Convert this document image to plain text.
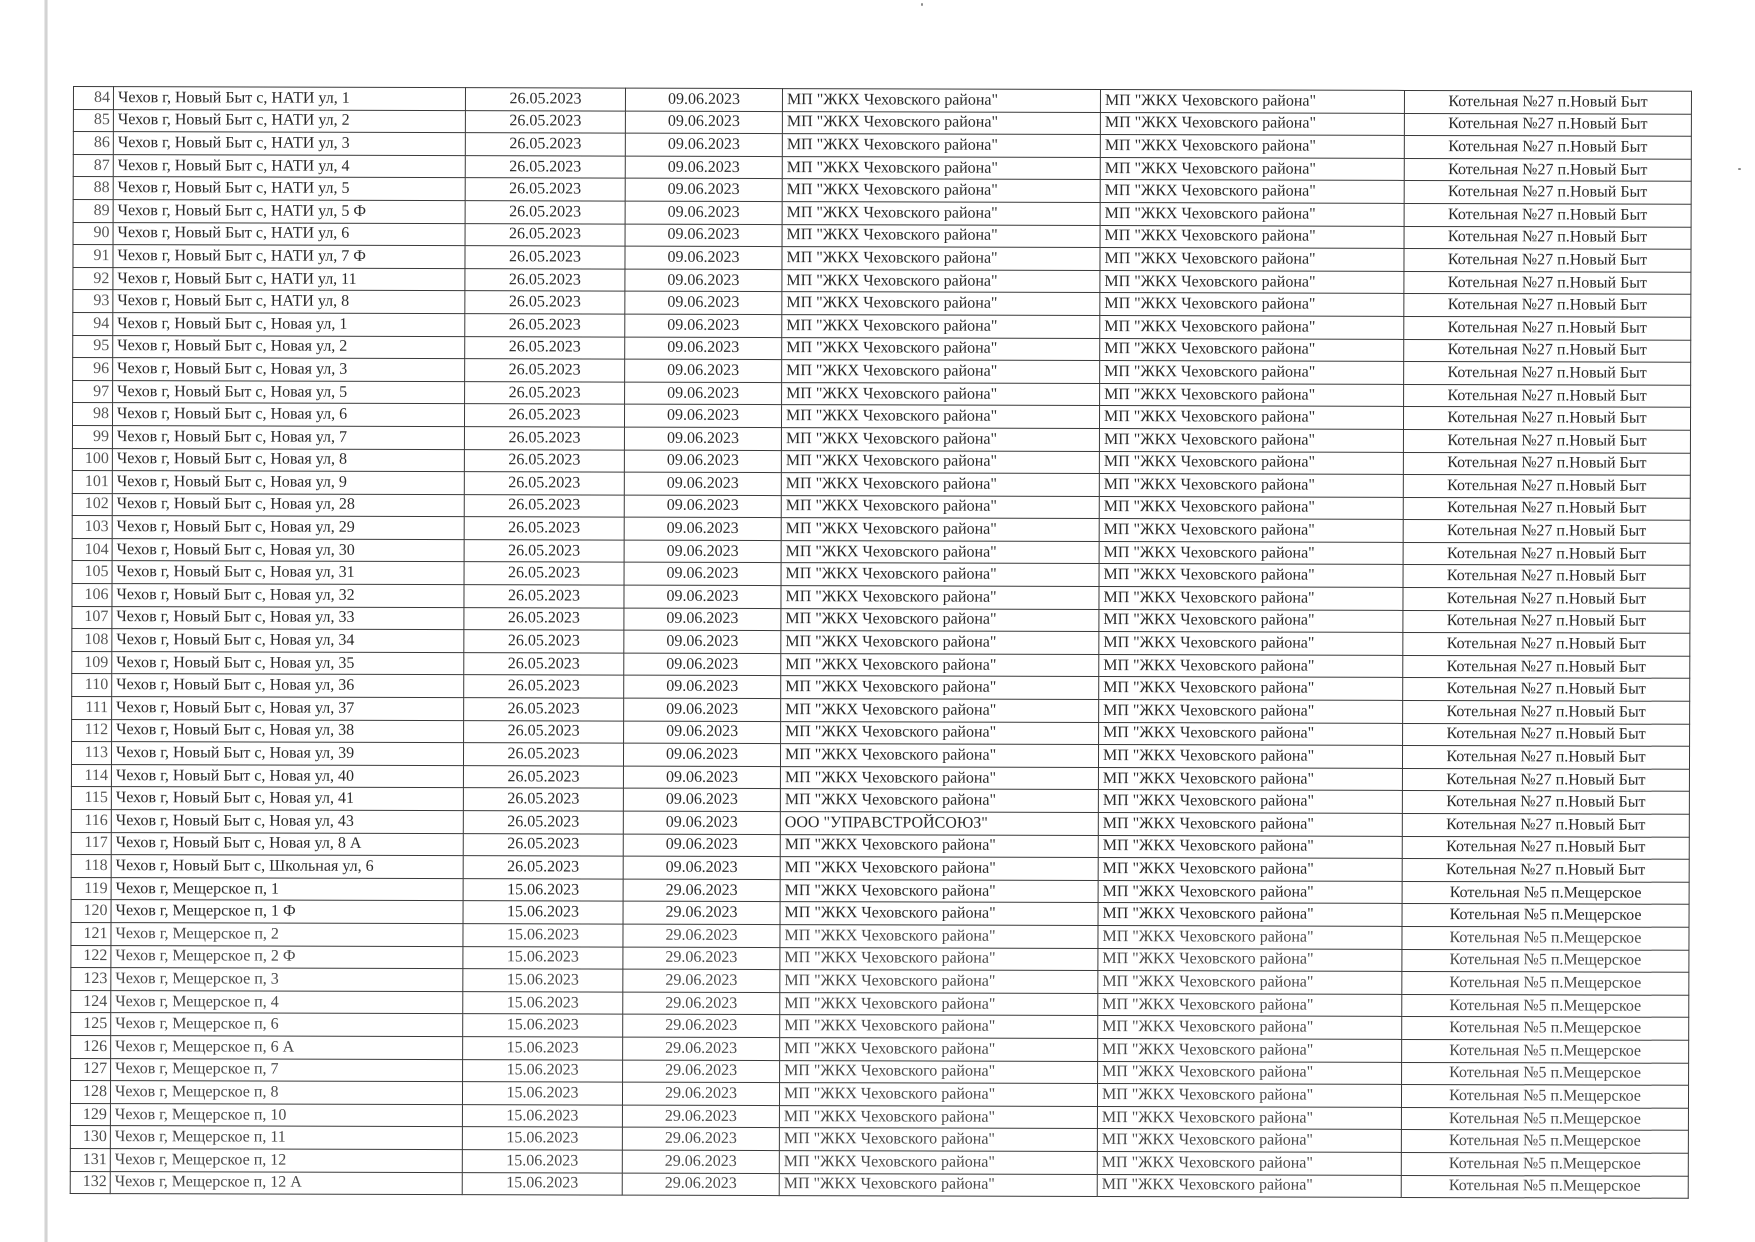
84	Чехов г, Новый Быт с, НАТИ ул, 1	26.05.2023	09.06.2023	МП "ЖКХ Чеховского района"	МП "ЖКХ Чеховского района"	Котельная №27 п.Новый Быт
85	Чехов г, Новый Быт с, НАТИ ул, 2	26.05.2023	09.06.2023	МП "ЖКХ Чеховского района"	МП "ЖКХ Чеховского района"	Котельная №27 п.Новый Быт
86	Чехов г, Новый Быт с, НАТИ ул, 3	26.05.2023	09.06.2023	МП "ЖКХ Чеховского района"	МП "ЖКХ Чеховского района"	Котельная №27 п.Новый Быт
87	Чехов г, Новый Быт с, НАТИ ул, 4	26.05.2023	09.06.2023	МП "ЖКХ Чеховского района"	МП "ЖКХ Чеховского района"	Котельная №27 п.Новый Быт
88	Чехов г, Новый Быт с, НАТИ ул, 5	26.05.2023	09.06.2023	МП "ЖКХ Чеховского района"	МП "ЖКХ Чеховского района"	Котельная №27 п.Новый Быт
89	Чехов г, Новый Быт с, НАТИ ул, 5 Ф	26.05.2023	09.06.2023	МП "ЖКХ Чеховского района"	МП "ЖКХ Чеховского района"	Котельная №27 п.Новый Быт
90	Чехов г, Новый Быт с, НАТИ ул, 6	26.05.2023	09.06.2023	МП "ЖКХ Чеховского района"	МП "ЖКХ Чеховского района"	Котельная №27 п.Новый Быт
91	Чехов г, Новый Быт с, НАТИ ул, 7 Ф	26.05.2023	09.06.2023	МП "ЖКХ Чеховского района"	МП "ЖКХ Чеховского района"	Котельная №27 п.Новый Быт
92	Чехов г, Новый Быт с, НАТИ ул, 11	26.05.2023	09.06.2023	МП "ЖКХ Чеховского района"	МП "ЖКХ Чеховского района"	Котельная №27 п.Новый Быт
93	Чехов г, Новый Быт с, НАТИ ул, 8	26.05.2023	09.06.2023	МП "ЖКХ Чеховского района"	МП "ЖКХ Чеховского района"	Котельная №27 п.Новый Быт
94	Чехов г, Новый Быт с, Новая ул, 1	26.05.2023	09.06.2023	МП "ЖКХ Чеховского района"	МП "ЖКХ Чеховского района"	Котельная №27 п.Новый Быт
95	Чехов г, Новый Быт с, Новая ул, 2	26.05.2023	09.06.2023	МП "ЖКХ Чеховского района"	МП "ЖКХ Чеховского района"	Котельная №27 п.Новый Быт
96	Чехов г, Новый Быт с, Новая ул, 3	26.05.2023	09.06.2023	МП "ЖКХ Чеховского района"	МП "ЖКХ Чеховского района"	Котельная №27 п.Новый Быт
97	Чехов г, Новый Быт с, Новая ул, 5	26.05.2023	09.06.2023	МП "ЖКХ Чеховского района"	МП "ЖКХ Чеховского района"	Котельная №27 п.Новый Быт
98	Чехов г, Новый Быт с, Новая ул, 6	26.05.2023	09.06.2023	МП "ЖКХ Чеховского района"	МП "ЖКХ Чеховского района"	Котельная №27 п.Новый Быт
99	Чехов г, Новый Быт с, Новая ул, 7	26.05.2023	09.06.2023	МП "ЖКХ Чеховского района"	МП "ЖКХ Чеховского района"	Котельная №27 п.Новый Быт
100	Чехов г, Новый Быт с, Новая ул, 8	26.05.2023	09.06.2023	МП "ЖКХ Чеховского района"	МП "ЖКХ Чеховского района"	Котельная №27 п.Новый Быт
101	Чехов г, Новый Быт с, Новая ул, 9	26.05.2023	09.06.2023	МП "ЖКХ Чеховского района"	МП "ЖКХ Чеховского района"	Котельная №27 п.Новый Быт
102	Чехов г, Новый Быт с, Новая ул, 28	26.05.2023	09.06.2023	МП "ЖКХ Чеховского района"	МП "ЖКХ Чеховского района"	Котельная №27 п.Новый Быт
103	Чехов г, Новый Быт с, Новая ул, 29	26.05.2023	09.06.2023	МП "ЖКХ Чеховского района"	МП "ЖКХ Чеховского района"	Котельная №27 п.Новый Быт
104	Чехов г, Новый Быт с, Новая ул, 30	26.05.2023	09.06.2023	МП "ЖКХ Чеховского района"	МП "ЖКХ Чеховского района"	Котельная №27 п.Новый Быт
105	Чехов г, Новый Быт с, Новая ул, 31	26.05.2023	09.06.2023	МП "ЖКХ Чеховского района"	МП "ЖКХ Чеховского района"	Котельная №27 п.Новый Быт
106	Чехов г, Новый Быт с, Новая ул, 32	26.05.2023	09.06.2023	МП "ЖКХ Чеховского района"	МП "ЖКХ Чеховского района"	Котельная №27 п.Новый Быт
107	Чехов г, Новый Быт с, Новая ул, 33	26.05.2023	09.06.2023	МП "ЖКХ Чеховского района"	МП "ЖКХ Чеховского района"	Котельная №27 п.Новый Быт
108	Чехов г, Новый Быт с, Новая ул, 34	26.05.2023	09.06.2023	МП "ЖКХ Чеховского района"	МП "ЖКХ Чеховского района"	Котельная №27 п.Новый Быт
109	Чехов г, Новый Быт с, Новая ул, 35	26.05.2023	09.06.2023	МП "ЖКХ Чеховского района"	МП "ЖКХ Чеховского района"	Котельная №27 п.Новый Быт
110	Чехов г, Новый Быт с, Новая ул, 36	26.05.2023	09.06.2023	МП "ЖКХ Чеховского района"	МП "ЖКХ Чеховского района"	Котельная №27 п.Новый Быт
111	Чехов г, Новый Быт с, Новая ул, 37	26.05.2023	09.06.2023	МП "ЖКХ Чеховского района"	МП "ЖКХ Чеховского района"	Котельная №27 п.Новый Быт
112	Чехов г, Новый Быт с, Новая ул, 38	26.05.2023	09.06.2023	МП "ЖКХ Чеховского района"	МП "ЖКХ Чеховского района"	Котельная №27 п.Новый Быт
113	Чехов г, Новый Быт с, Новая ул, 39	26.05.2023	09.06.2023	МП "ЖКХ Чеховского района"	МП "ЖКХ Чеховского района"	Котельная №27 п.Новый Быт
114	Чехов г, Новый Быт с, Новая ул, 40	26.05.2023	09.06.2023	МП "ЖКХ Чеховского района"	МП "ЖКХ Чеховского района"	Котельная №27 п.Новый Быт
115	Чехов г, Новый Быт с, Новая ул, 41	26.05.2023	09.06.2023	МП "ЖКХ Чеховского района"	МП "ЖКХ Чеховского района"	Котельная №27 п.Новый Быт
116	Чехов г, Новый Быт с, Новая ул, 43	26.05.2023	09.06.2023	ООО "УПРАВСТРОЙСОЮЗ"	МП "ЖКХ Чеховского района"	Котельная №27 п.Новый Быт
117	Чехов г, Новый Быт с, Новая ул, 8 А	26.05.2023	09.06.2023	МП "ЖКХ Чеховского района"	МП "ЖКХ Чеховского района"	Котельная №27 п.Новый Быт
118	Чехов г, Новый Быт с, Школьная ул, 6	26.05.2023	09.06.2023	МП "ЖКХ Чеховского района"	МП "ЖКХ Чеховского района"	Котельная №27 п.Новый Быт
119	Чехов г, Мещерское п, 1	15.06.2023	29.06.2023	МП "ЖКХ Чеховского района"	МП "ЖКХ Чеховского района"	Котельная №5 п.Мещерское
120	Чехов г, Мещерское п, 1 Ф	15.06.2023	29.06.2023	МП "ЖКХ Чеховского района"	МП "ЖКХ Чеховского района"	Котельная №5 п.Мещерское
121	Чехов г, Мещерское п, 2	15.06.2023	29.06.2023	МП "ЖКХ Чеховского района"	МП "ЖКХ Чеховского района"	Котельная №5 п.Мещерское
122	Чехов г, Мещерское п, 2 Ф	15.06.2023	29.06.2023	МП "ЖКХ Чеховского района"	МП "ЖКХ Чеховского района"	Котельная №5 п.Мещерское
123	Чехов г, Мещерское п, 3	15.06.2023	29.06.2023	МП "ЖКХ Чеховского района"	МП "ЖКХ Чеховского района"	Котельная №5 п.Мещерское
124	Чехов г, Мещерское п, 4	15.06.2023	29.06.2023	МП "ЖКХ Чеховского района"	МП "ЖКХ Чеховского района"	Котельная №5 п.Мещерское
125	Чехов г, Мещерское п, 6	15.06.2023	29.06.2023	МП "ЖКХ Чеховского района"	МП "ЖКХ Чеховского района"	Котельная №5 п.Мещерское
126	Чехов г, Мещерское п, 6 А	15.06.2023	29.06.2023	МП "ЖКХ Чеховского района"	МП "ЖКХ Чеховского района"	Котельная №5 п.Мещерское
127	Чехов г, Мещерское п, 7	15.06.2023	29.06.2023	МП "ЖКХ Чеховского района"	МП "ЖКХ Чеховского района"	Котельная №5 п.Мещерское
128	Чехов г, Мещерское п, 8	15.06.2023	29.06.2023	МП "ЖКХ Чеховского района"	МП "ЖКХ Чеховского района"	Котельная №5 п.Мещерское
129	Чехов г, Мещерское п, 10	15.06.2023	29.06.2023	МП "ЖКХ Чеховского района"	МП "ЖКХ Чеховского района"	Котельная №5 п.Мещерское
130	Чехов г, Мещерское п, 11	15.06.2023	29.06.2023	МП "ЖКХ Чеховского района"	МП "ЖКХ Чеховского района"	Котельная №5 п.Мещерское
131	Чехов г, Мещерское п, 12	15.06.2023	29.06.2023	МП "ЖКХ Чеховского района"	МП "ЖКХ Чеховского района"	Котельная №5 п.Мещерское
132	Чехов г, Мещерское п, 12 А	15.06.2023	29.06.2023	МП "ЖКХ Чеховского района"	МП "ЖКХ Чеховского района"	Котельная №5 п.Мещерское
